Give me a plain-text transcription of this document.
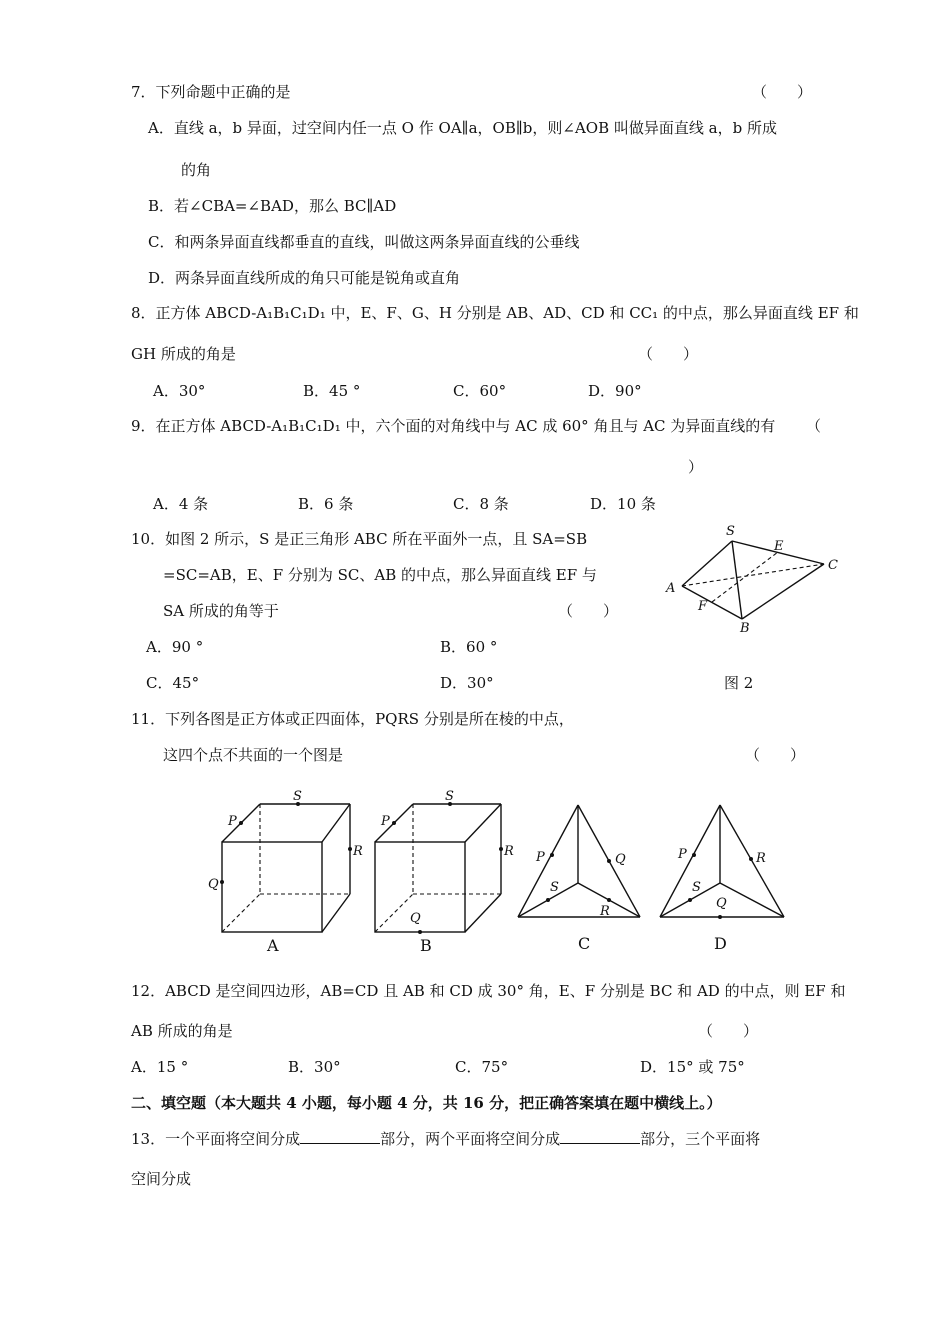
7．下列命题中正确的是	（　　）
A．直线 a，b 异面，过空间内任一点 O 作 OA∥a，OB∥b，则∠AOB 叫做异面直线 a，b 所成
的角
B．若∠CBA=∠BAD，那么 BC∥AD
C．和两条异面直线都垂直的直线，叫做这两条异面直线的公垂线
D．两条异面直线所成的角只可能是锐角或直角
8．正方体 ABCD-A₁B₁C₁D₁ 中，E、F、G、H 分别是 AB、AD、CD 和 CC₁ 的中点，那么异面直线 EF 和
GH 所成的角是	（　　）
A．30°	B．45 °	C．60°	D．90°
9．在正方体 ABCD-A₁B₁C₁D₁ 中，六个面的对角线中与 AC 成 60° 角且与 AC 为异面直线的有 （
）
A．4 条	B．6 条	C．8 条	D．10 条
10．如图 2 所示，S 是正三角形 ABC 所在平面外一点，且 SA=SB
=SC=AB，E、F 分别为 SC、AB 的中点，那么异面直线 EF 与
SA 所成的角等于	（　　）
A．90 °	B．60 °
C．45°	D．30°	图 2
S
E
C
A
F
B
11．下列各图是正方体或正四面体，PQRS 分别是所在棱的中点，
这四个点不共面的一个图是	（　　）
P
Q
R
S
A
P
Q
R
S
B
P	Q
R
S
C
P	R
Q
S
D
12．ABCD 是空间四边形，AB=CD 且 AB 和 CD 成 30° 角，E、F 分别是 BC 和 AD 的中点，则 EF 和
AB 所成的角是	（　　）
A．15 °	B．30°	C．75°	D．15° 或 75°
二、填空题（本大题共 4 小题，每小题 4 分，共 16 分，把正确答案填在题中横线上。）
13．一个平面将空间分成	部分，两个平面将空间分成	部分，三个平面将
空间分成
